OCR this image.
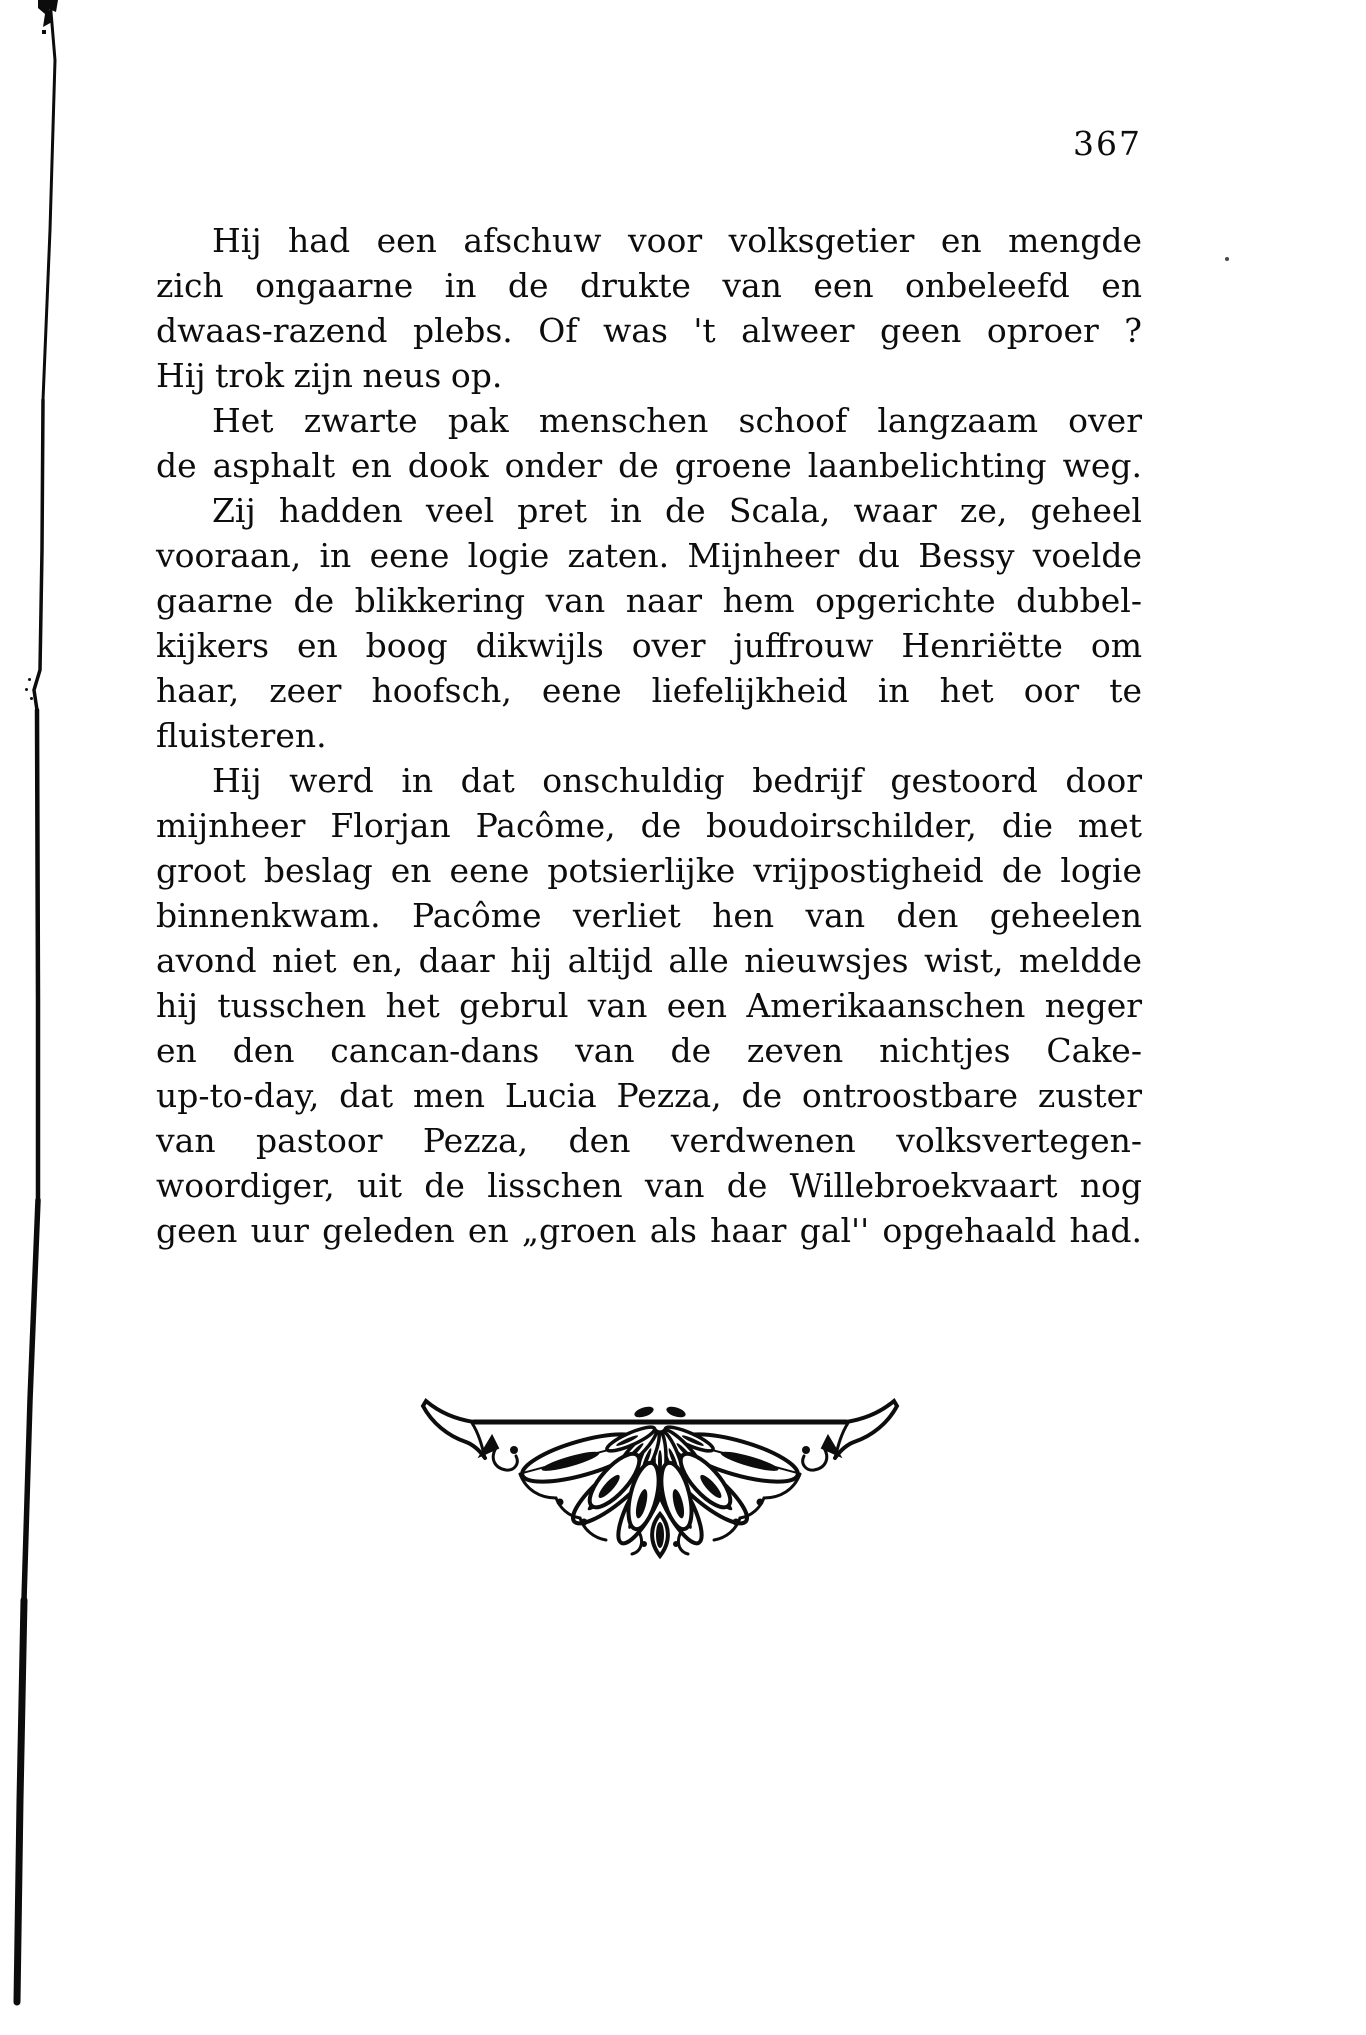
367
Hij had een afschuw voor volksgetier en mengde
zich ongaarne in de drukte van een onbeleefd en
dwaas-razend plebs. Of was 't alweer geen oproer ?
Hij trok zijn neus op.
Het zwarte pak menschen schoof langzaam over
de asphalt en dook onder de groene laanbelichting weg.
Zij hadden veel pret in de Scala, waar ze, geheel
vooraan, in eene logie zaten. Mijnheer du Bessy voelde
gaarne de blikkering van naar hem opgerichte dubbel-
kijkers en boog dikwijls over juffrouw Henriëtte om
haar, zeer hoofsch, eene liefelijkheid in het oor te
fluisteren.
Hij werd in dat onschuldig bedrijf gestoord door
mijnheer Florjan Pacôme, de boudoirschilder, die met
groot beslag en eene potsierlijke vrijpostigheid de logie
binnenkwam. Pacôme verliet hen van den geheelen
avond niet en, daar hij altijd alle nieuwsjes wist, meldde
hij tusschen het gebrul van een Amerikaanschen neger
en den cancan-dans van de zeven nichtjes Cake-
up-to-day, dat men Lucia Pezza, de ontroostbare zuster
van pastoor Pezza, den verdwenen volksvertegen-
woordiger, uit de lisschen van de Willebroekvaart nog
geen uur geleden en „groen als haar gal'' opgehaald had.
